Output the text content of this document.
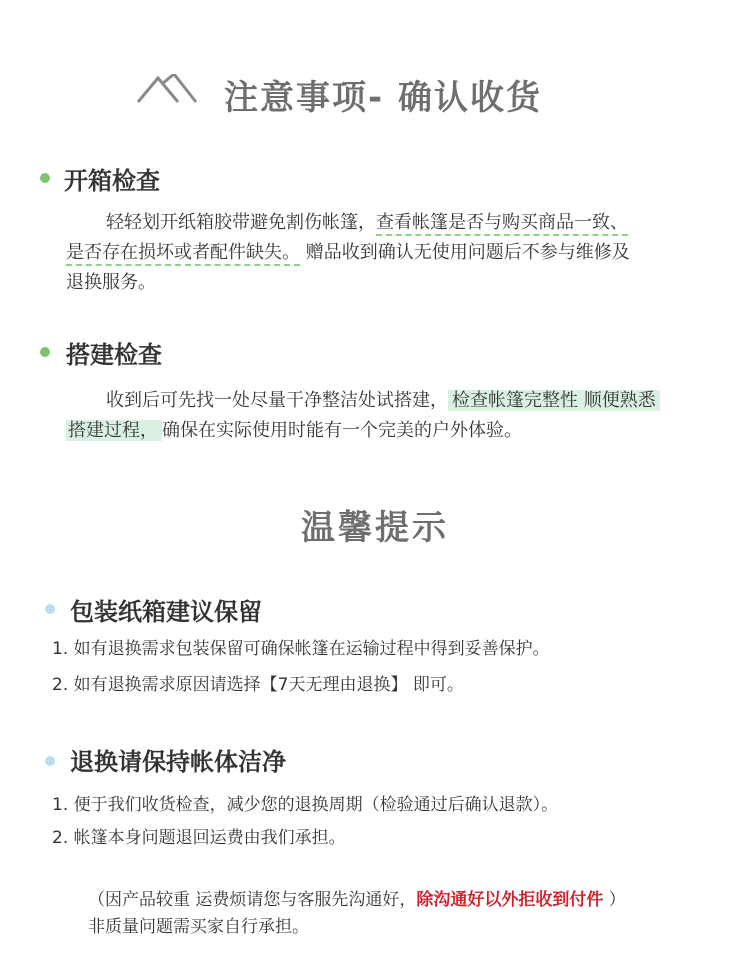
注意事项- 确认收货
开箱检查
轻轻划开纸箱胶带避免割伤帐篷，查看帐篷是否与购买商品一致、
是否存在损坏或者配件缺失。 赠品收到确认无使用问题后不参与维修及
退换服务。
搭建检查
收到后可先找一处尽量干净整洁处试搭建， 检查帐篷完整性 顺便熟悉
搭建过程， 确保在实际使用时能有一个完美的户外体验。
温馨提示
包装纸箱建议保留
1. 如有退换需求包装保留可确保帐篷在运输过程中得到妥善保护。
2. 如有退换需求原因请选择【7天无理由退换】 即可。
退换请保持帐体洁净
1. 便于我们收货检查，减少您的退换周期（检验通过后确认退款）。
2. 帐篷本身问题退回运费由我们承担。
（因产品较重 运费烦请您与客服先沟通好，除沟通好以外拒收到付件 ）
非质量问题需买家自行承担。
